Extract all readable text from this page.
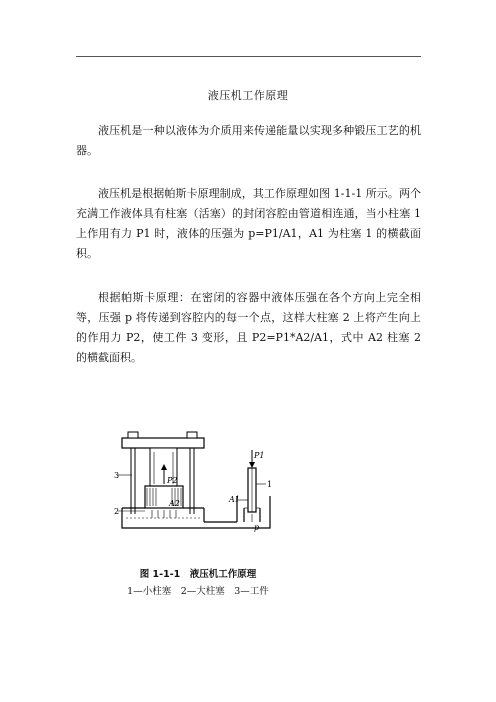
液压机工作原理
液压机是一种以液体为介质用来传递能量以实现多种锻压工艺的机器。
液压机是根据帕斯卡原理制成，其工作原理如图 1-1-1 所示。两个充满工作液体具有柱塞（活塞）的封闭容腔由管道相连通，当小柱塞 1 上作用有力 P1 时，液体的压强为 p=P1/A1，A1 为柱塞 1 的横截面积。
根据帕斯卡原理：在密闭的容器中液体压强在各个方向上完全相等，压强 p 将传递到容腔内的每一个点，这样大柱塞 2 上将产生向上的作用力 P2，使工件 3 变形，且 P2=P1*A2/A1，式中 A2 柱塞 2 的横截面积。
3
2
1
P1
P2
A1
A2
p
图 1-1-1　液压机工作原理
1—小柱塞　2—大柱塞　3—工件
